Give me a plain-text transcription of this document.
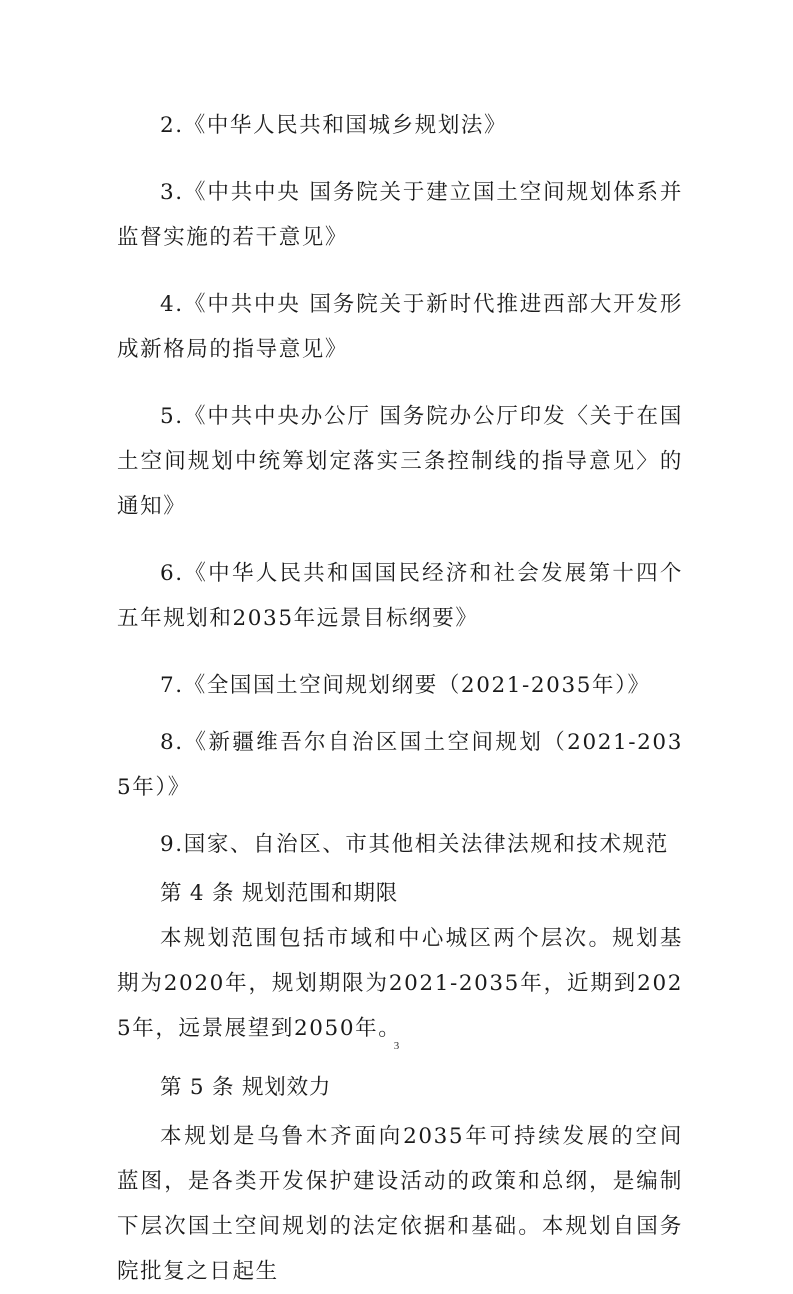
2.《中华人民共和国城乡规划法》

3.《中共中央 国务院关于建立国土空间规划体系并监督实施的若干意见》

4.《中共中央 国务院关于新时代推进西部大开发形成新格局的指导意见》

5.《中共中央办公厅 国务院办公厅印发〈关于在国土空间规划中统筹划定落实三条控制线的指导意见〉的通知》

6.《中华人民共和国国民经济和社会发展第十四个五年规划和2035年远景目标纲要》

7.《全国国土空间规划纲要（2021-2035年）》

8.《新疆维吾尔自治区国土空间规划（2021-2035年）》

9.国家、自治区、市其他相关法律法规和技术规范

第 4 条 规划范围和期限

本规划范围包括市域和中心城区两个层次。规划基期为2020年，规划期限为2021-2035年，近期到2025年，远景展望到2050年。

第 5 条 规划效力

本规划是乌鲁木齐面向2035年可持续发展的空间蓝图，是各类开发保护建设活动的政策和总纲，是编制下层次国土空间规划的法定依据和基础。本规划自国务院批复之日起生

3
